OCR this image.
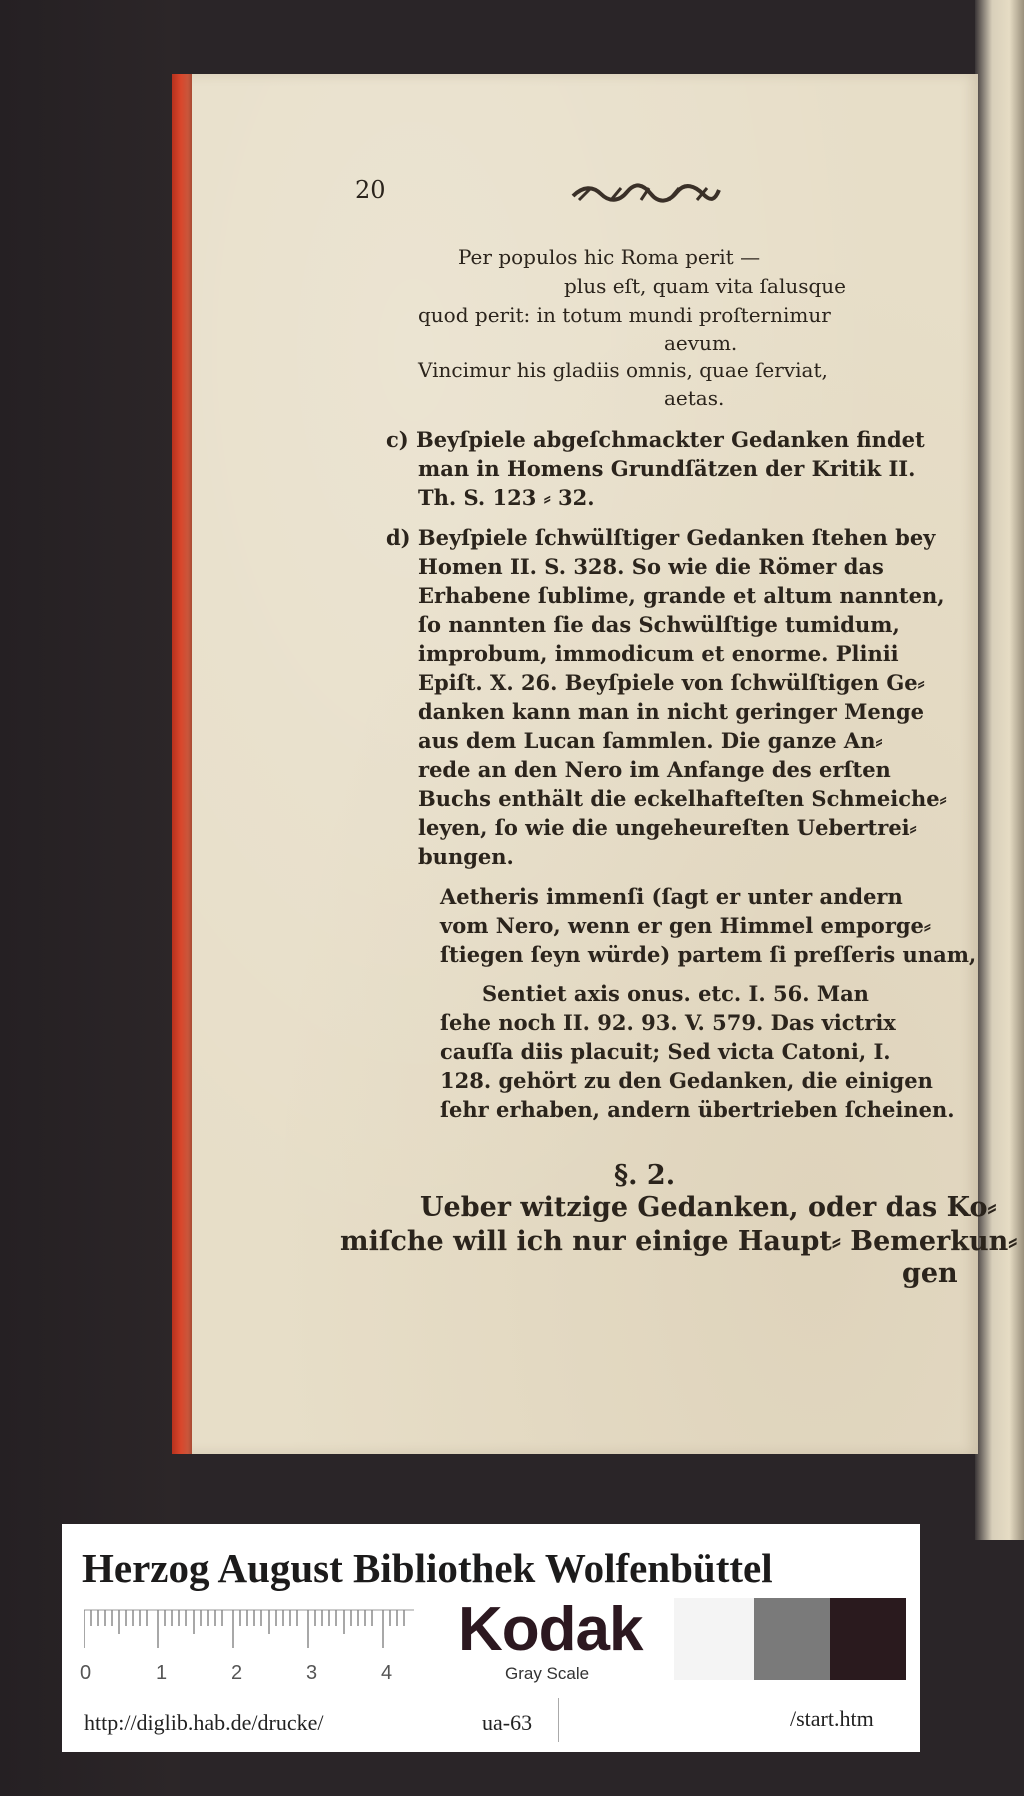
20
Per populos hic Roma perit —
plus eſt, quam vita ſalusque
quod perit: in totum mundi proſternimur
aevum.
Vincimur his gladiis omnis, quae ſerviat,
aetas.
c) Beyſpiele abgeſchmackter Gedanken findet
man in Homens Grundſätzen der Kritik II.
Th. S. 123 ⸗ 32.
d) Beyſpiele ſchwülſtiger Gedanken ſtehen bey
Homen II. S. 328. So wie die Römer das
Erhabene ſublime, grande et altum nannten,
ſo nannten ſie das Schwülſtige tumidum,
improbum, immodicum et enorme. Plinii
Epiſt. X. 26. Beyſpiele von ſchwülſtigen Ge⸗
danken kann man in nicht geringer Menge
aus dem Lucan ſammlen. Die ganze An⸗
rede an den Nero im Anfange des erſten
Buchs enthält die eckelhafteſten Schmeiche⸗
leyen, ſo wie die ungeheureſten Uebertrei⸗
bungen.
Aetheris immenſi (ſagt er unter andern
vom Nero, wenn er gen Himmel emporge⸗
ſtiegen ſeyn würde) partem ſi preſſeris unam,
Sentiet axis onus. etc. I. 56. Man
ſehe noch II. 92. 93. V. 579. Das victrix
cauſſa diis placuit; Sed victa Catoni, I.
128. gehört zu den Gedanken, die einigen
ſehr erhaben, andern übertrieben ſcheinen.
§. 2.
Ueber witzige Gedanken, oder das Ko⸗
miſche will ich nur einige Haupt⸗ Bemerkun⸗
gen
Herzog August Bibliothek Wolfenbüttel
0	1	2	3	4
Kodak
Gray Scale
http://diglib.hab.de/drucke/	ua-63	/start.htm
